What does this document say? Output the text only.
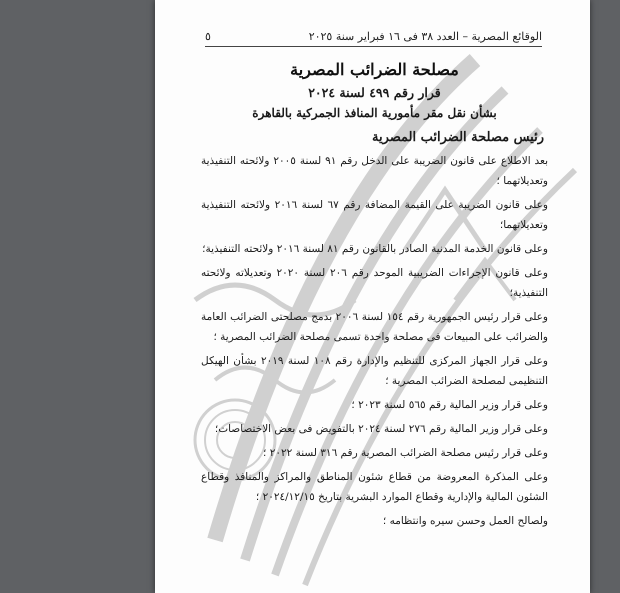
الوقائع المصرية – العدد ٣٨ فى ١٦ فبراير سنة ٢٠٢٥
٥
مصلحة الضرائب المصرية
قرار رقم ٤٩٩ لسنة ٢٠٢٤
بشأن نقل مقر مأمورية المنافذ الجمركية بالقاهرة
رئيس مصلحة الضرائب المصرية

بعد الاطلاع على قانون الضريبة على الدخل رقم ٩١ لسنة ٢٠٠٥ ولائحته التنفيذية وتعديلاتهما ؛

وعلى قانون الضريبة على القيمة المضافة رقم ٦٧ لسنة ٢٠١٦ ولائحته التنفيذية وتعديلاتهما؛

وعلى قانون الخدمة المدنية الصادر بالقانون رقم ٨١ لسنة ٢٠١٦ ولائحته التنفيذية؛

وعلى قانون الإجراءات الضريبية الموحد رقم ٢٠٦ لسنة ٢٠٢٠ وتعديلاته ولائحته التنفيذية؛

وعلى قرار رئيس الجمهورية رقم ١٥٤ لسنة ٢٠٠٦ بدمج مصلحتى الضرائب العامة والضرائب على المبيعات فى مصلحة واحدة تسمى مصلحة الضرائب المصرية ؛

وعلى قرار الجهاز المركزى للتنظيم والإدارة رقم ١٠٨ لسنة ٢٠١٩ بشأن الهيكل التنظيمى لمصلحة الضرائب المصرية ؛

وعلى قرار وزير المالية رقم ٥٦٥ لسنة ٢٠٢٣ ؛

وعلى قرار وزير المالية رقم ٢٧٦ لسنة ٢٠٢٤ بالتفويض فى بعض الاختصاصات؛

وعلى قرار رئيس مصلحة الضرائب المصرية رقم ٣١٦ لسنة ٢٠٢٢ ؛

وعلى المذكرة المعروضة من قطاع شئون المناطق والمراكز والمنافذ وقطاع الشئون المالية والإدارية وقطاع الموارد البشرية بتاريخ ٢٠٢٤/١٢/١٥ ؛

ولصالح العمل وحسن سيره وانتظامه ؛
